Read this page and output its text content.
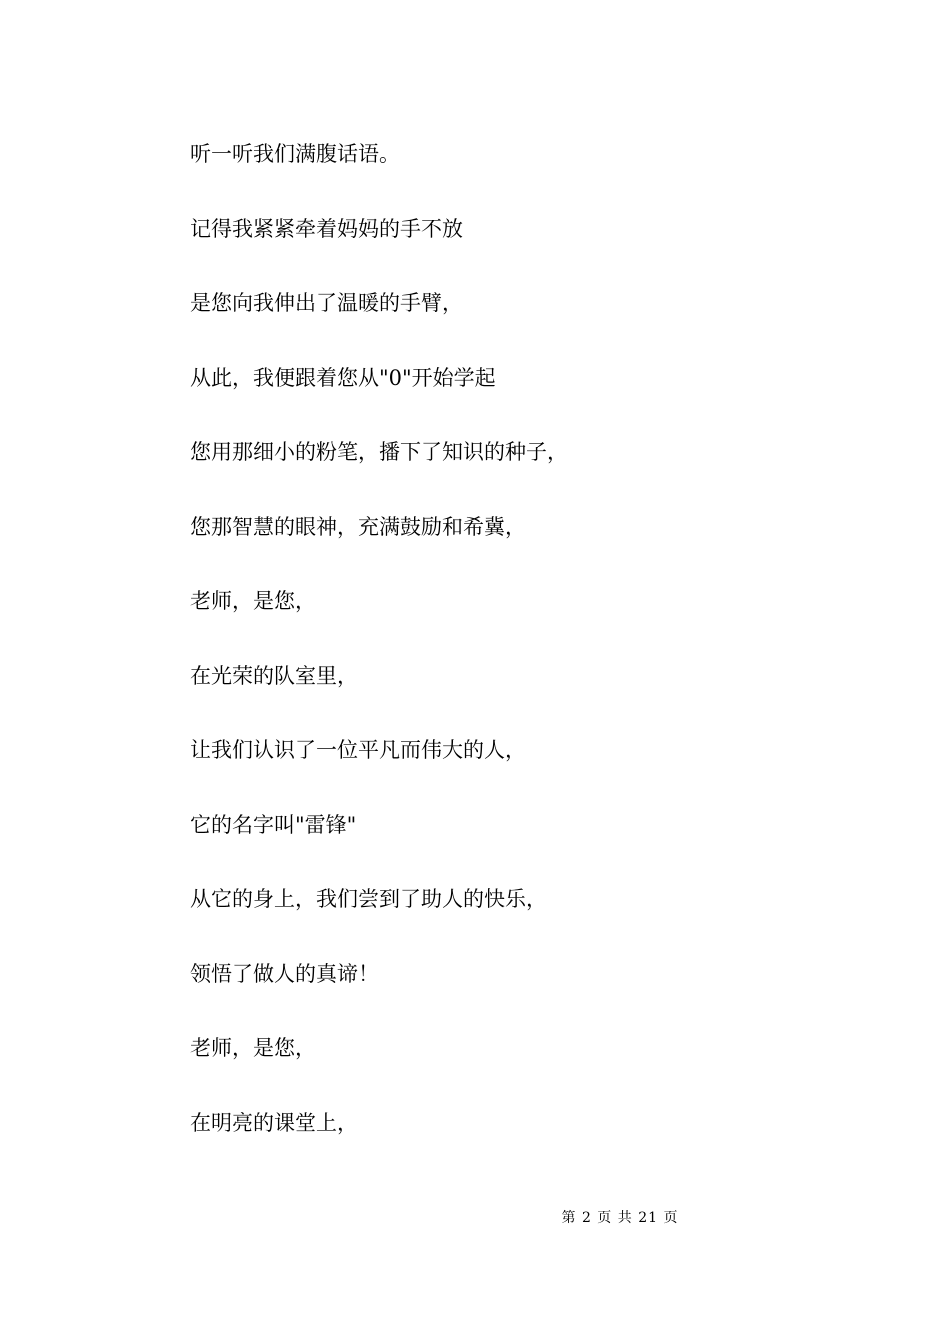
听一听我们满腹话语。
记得我紧紧牵着妈妈的手不放
是您向我伸出了温暖的手臂，
从此，我便跟着您从"0"开始学起
您用那细小的粉笔，播下了知识的种子，
您那智慧的眼神，充满鼓励和希冀，
老师，是您，
在光荣的队室里，
让我们认识了一位平凡而伟大的人，
它的名字叫"雷锋"
从它的身上，我们尝到了助人的快乐，
领悟了做人的真谛！
老师，是您，
在明亮的课堂上，
第 2 页 共 21 页
